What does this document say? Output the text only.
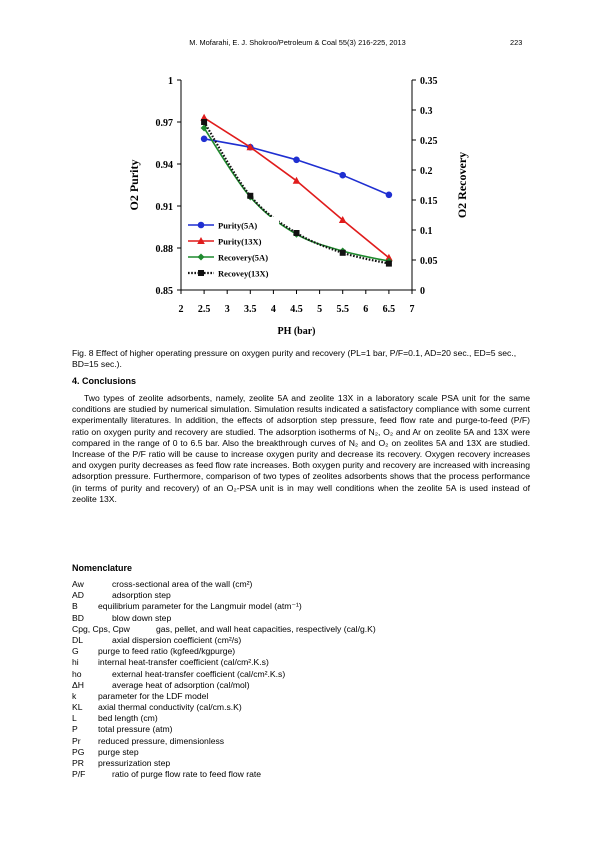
M. Mofarahi, E. J. Shokroo/Petroleum & Coal 55(3) 216-225, 2013	223
0.85
0.88
0.91
0.94
0.97
1
0
0.05
0.1
0.15
0.2
0.25
0.3
0.35
2 2.5 3 3.5 4 4.5 5 5.5 6 6.5 7
PH (bar)
O2 Purity	O2 Recovery
Purity(5A)
Purity(13X)
Recovery(5A)
Recovey(13X)
Fig. 8 Effect of higher operating pressure on oxygen purity and recovery (PL=1 bar, P/F=0.1, AD=20 sec., ED=5 sec., BD=15 sec.).
4. Conclusions

Two types of zeolite adsorbents, namely, zeolite 5A and zeolite 13X in a laboratory scale PSA unit for the same conditions are studied by numerical simulation. Simulation results indicated a satisfactory compliance with some current experimentally literatures. In addition, the effects of adsorption step pressure, feed flow rate and purge-to-feed (P/F) ratio on oxygen purity and recovery are studied. The adsorption isotherms of N₂, O₂ and Ar on zeolite 5A and 13X were compared in the range of 0 to 6.5 bar. Also the breakthrough curves of N₂ and O₂ on zeolites 5A and 13X are studied. Increase of the P/F ratio will be cause to increase oxygen purity and decrease its recovery. Oxygen recovery increases and oxygen purity decreases as feed flow rate increases. Both oxygen purity and recovery are increased with increasing adsorption pressure. Furthermore, comparison of two types of zeolites adsorbents shows that the process performance (in terms of purity and recovery) of an O₂-PSA unit is in may well conditions when the zeolite 5A is used instead of zeolite 13X.

Nomenclature
Aw	cross-sectional area of the wall (cm²)
AD	adsorption step
B equilibrium parameter for the Langmuir model (atm⁻¹)
BD	blow down step
Cpg, Cps, Cpw	gas, pellet, and wall heat capacities, respectively (cal/g.K)
DL	axial dispersion coefficient (cm²/s)
G purge to feed ratio (kgfeed/kgpurge)
hi internal heat-transfer coefficient (cal/cm².K.s)
ho	external heat-transfer coefficient (cal/cm².K.s)
ΔH	average heat of adsorption (cal/mol)
k	parameter for the LDF model
KL axial thermal conductivity (cal/cm.s.K)
L bed length (cm)
P total pressure (atm)
Pr reduced pressure, dimensionless
PG purge step
PR pressurization step
P/F	ratio of purge flow rate to feed flow rate
